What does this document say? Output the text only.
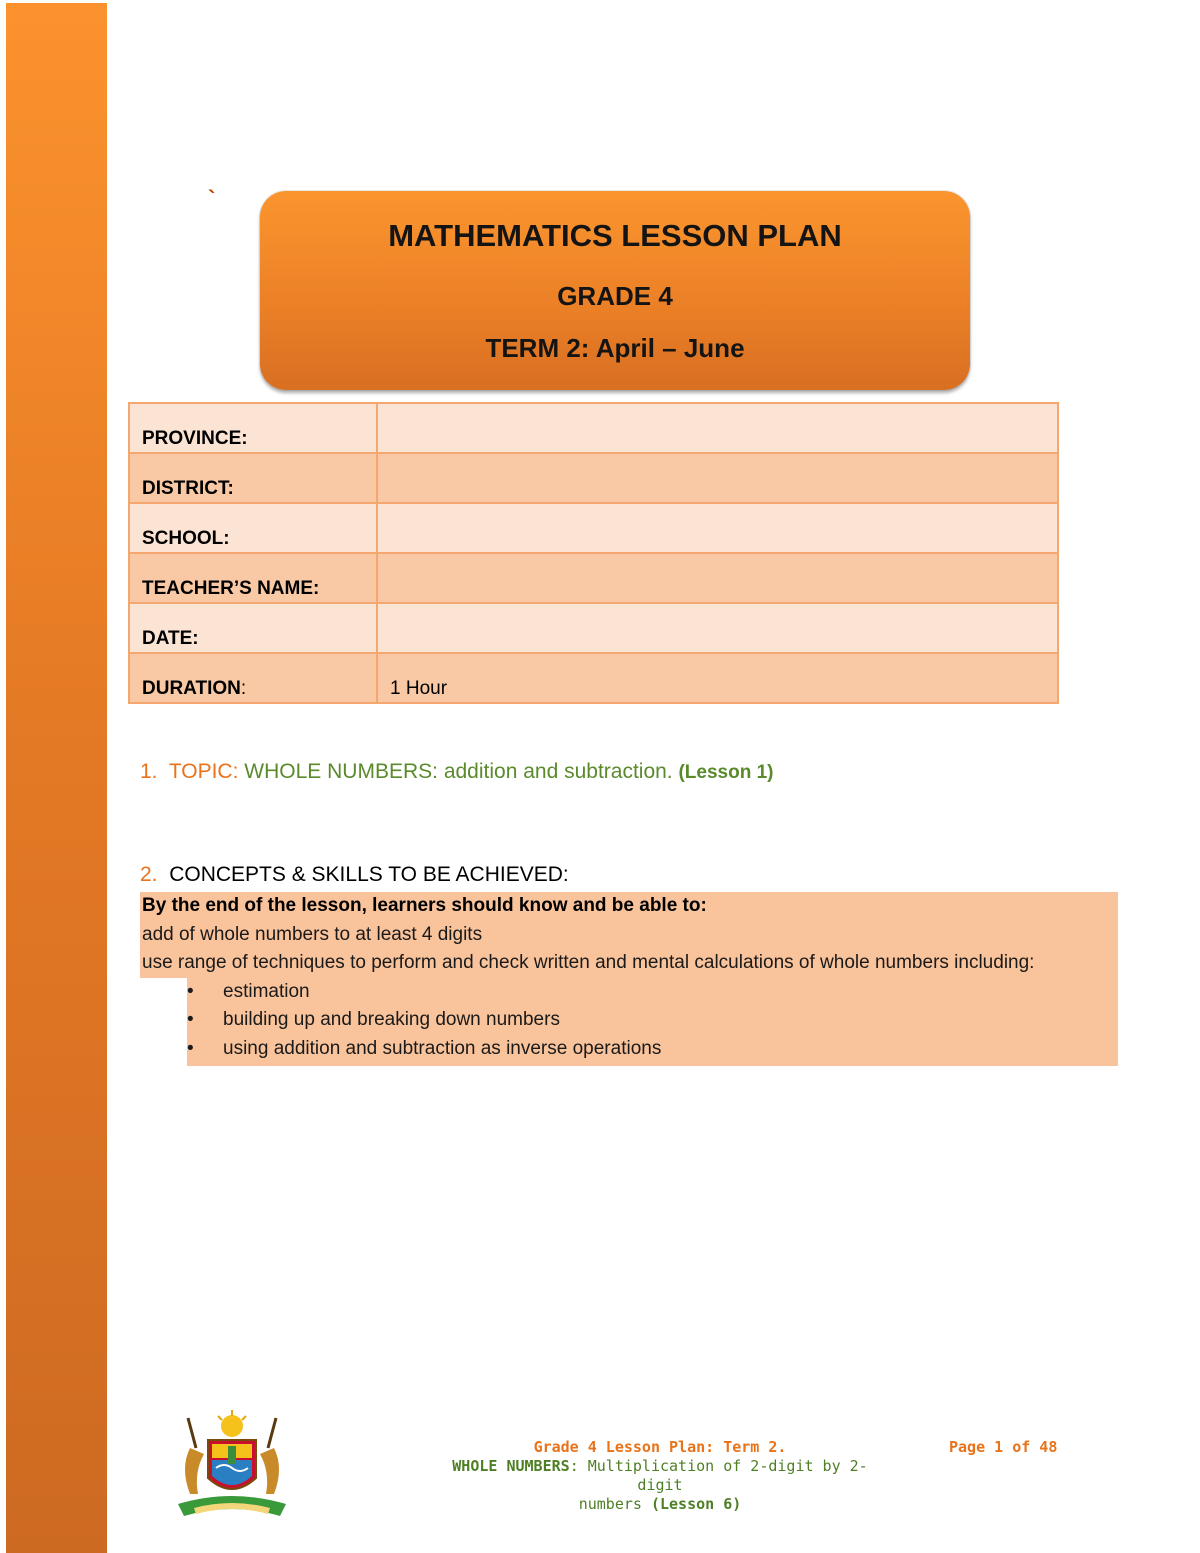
`
MATHEMATICS LESSON PLAN
GRADE 4
TERM 2: April – June
PROVINCE:	
DISTRICT:	
SCHOOL:	
TEACHER’S NAME:	
DATE:	
DURATION:	1 Hour
1. TOPIC: WHOLE NUMBERS: addition and subtraction. (Lesson 1)
2. CONCEPTS & SKILLS TO BE ACHIEVED:
By the end of the lesson, learners should know and be able to:
add of whole numbers to at least 4 digits
use range of techniques to perform and check written and mental calculations of whole numbers including:
• estimation
• building up and breaking down numbers
• using addition and subtraction as inverse operations
Grade 4 Lesson Plan: Term 2.
WHOLE NUMBERS: Multiplication of 2-digit by 2-digit
numbers (Lesson 6)
Page 1 of 48
